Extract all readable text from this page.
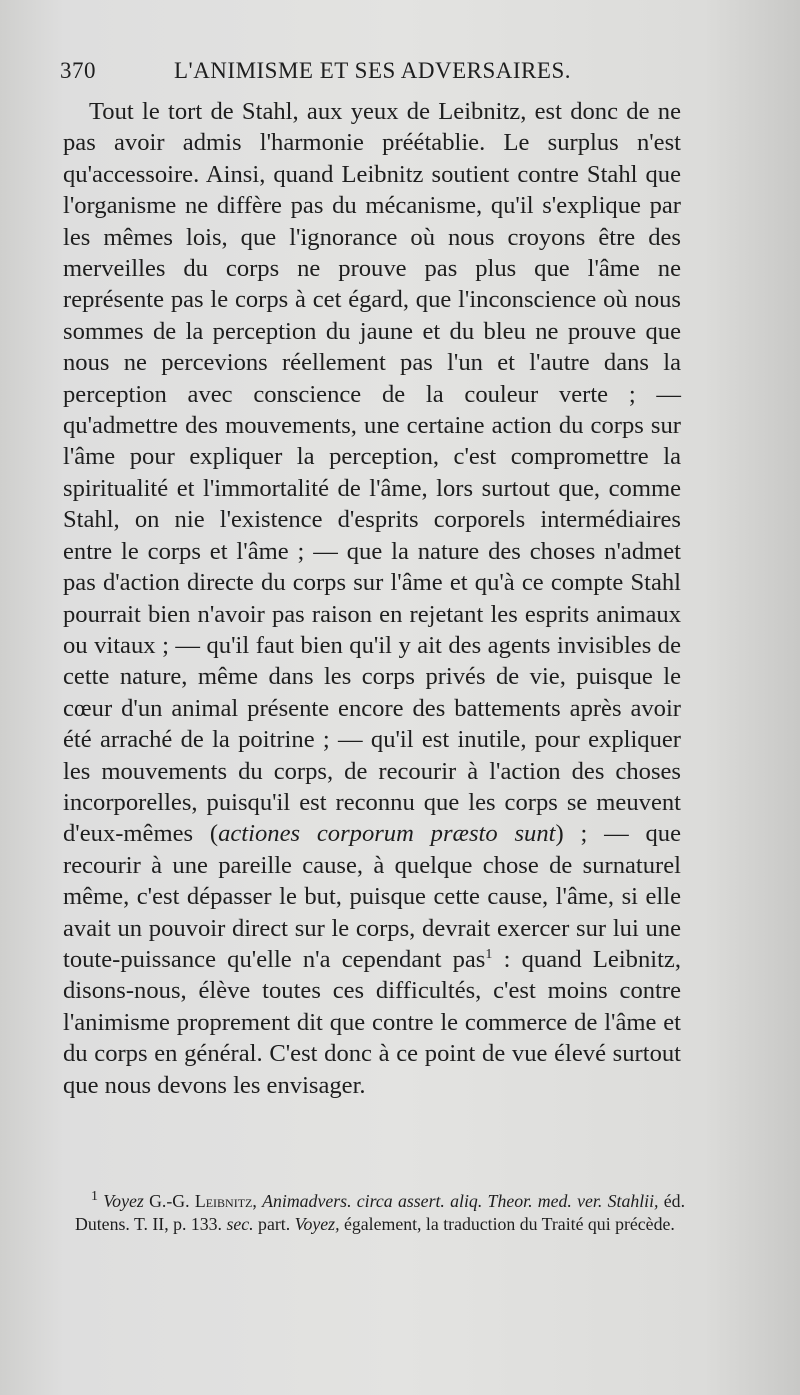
370	L'ANIMISME ET SES ADVERSAIRES.

Tout le tort de Stahl, aux yeux de Leibnitz, est donc de ne pas avoir admis l'harmonie préétablie. Le surplus n'est qu'accessoire. Ainsi, quand Leibnitz soutient contre Stahl que l'organisme ne diffère pas du mécanisme, qu'il s'explique par les mêmes lois, que l'ignorance où nous croyons être des merveilles du corps ne prouve pas plus que l'âme ne représente pas le corps à cet égard, que l'inconscience où nous sommes de la perception du jaune et du bleu ne prouve que nous ne percevions réellement pas l'un et l'autre dans la perception avec conscience de la couleur verte ; — qu'admettre des mouvements, une certaine action du corps sur l'âme pour expliquer la perception, c'est compromettre la spiritualité et l'immortalité de l'âme, lors surtout que, comme Stahl, on nie l'existence d'esprits corporels intermédiaires entre le corps et l'âme ; — que la nature des choses n'admet pas d'action directe du corps sur l'âme et qu'à ce compte Stahl pourrait bien n'avoir pas raison en rejetant les esprits animaux ou vitaux ; — qu'il faut bien qu'il y ait des agents invisibles de cette nature, même dans les corps privés de vie, puisque le cœur d'un animal présente encore des battements après avoir été arraché de la poitrine ; — qu'il est inutile, pour expliquer les mouvements du corps, de recourir à l'action des choses incorporelles, puisqu'il est reconnu que les corps se meuvent d'eux-mêmes (actiones corporum præsto sunt) ; — que recourir à une pareille cause, à quelque chose de surnaturel même, c'est dépasser le but, puisque cette cause, l'âme, si elle avait un pouvoir direct sur le corps, devrait exercer sur lui une toute-puissance qu'elle n'a cependant pas$^1$ : quand Leibnitz, disons-nous, élève toutes ces difficultés, c'est moins contre l'animisme proprement dit que contre le commerce de l'âme et du corps en général. C'est donc à ce point de vue élevé surtout que nous devons les envisager.

$^1$ Voyez G.-G. Leibnitz, Animadvers. circa assert. aliq. Theor. med. ver. Stahlii, éd. Dutens. T. II, p. 133. sec. part. Voyez, également, la traduction du Traité qui précède.
